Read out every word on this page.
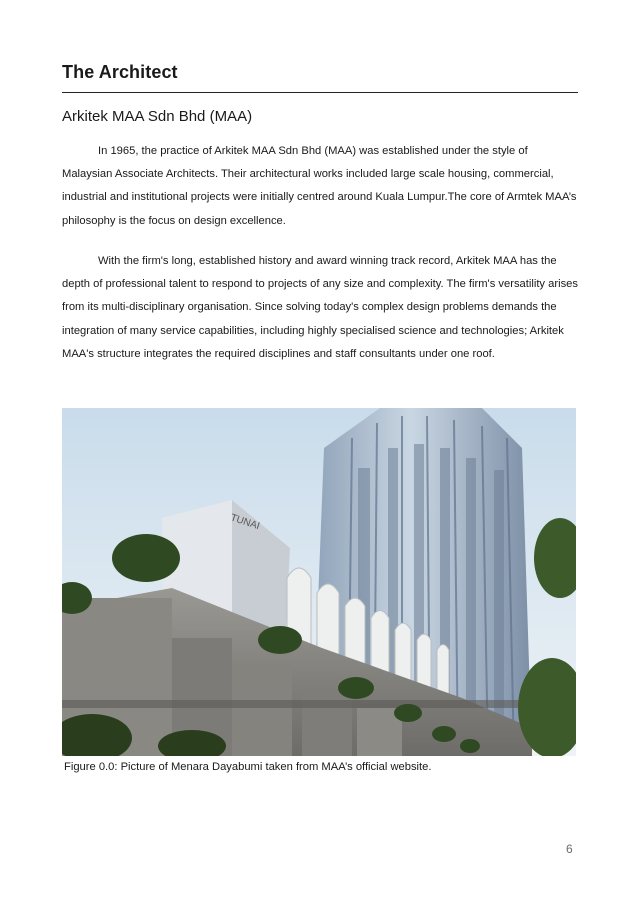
The Architect
Arkitek MAA Sdn Bhd (MAA)

In 1965, the practice of Arkitek MAA Sdn Bhd (MAA) was established under the style of Malaysian Associate Architects. Their architectural works included large scale housing, commercial, industrial and institutional projects were initially centred around Kuala Lumpur.The core of Armtek MAA’s philosophy is the focus on design excellence.

With the firm's long, established history and award winning track record, Arkitek MAA has the depth of professional talent to respond to projects of any size and complexity. The firm's versatility arises from its multi-disciplinary organisation. Since solving today's complex design problems demands the integration of many service capabilities, including highly specialised science and technologies; Arkitek MAA's structure integrates the required disciplines and staff consultants under one roof.

TUNAI
Figure 0.0: Picture of Menara Dayabumi taken from MAA’s official website.
6
